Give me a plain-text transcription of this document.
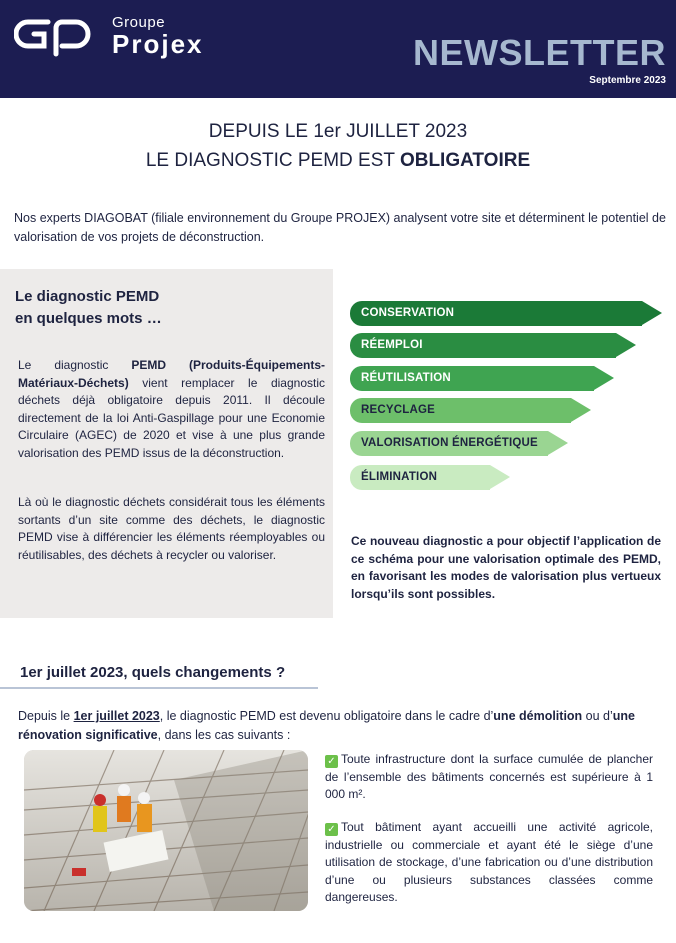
Groupe
Projex	NEWSLETTER
Septembre 2023
DEPUIS LE 1er JUILLET 2023
LE DIAGNOSTIC PEMD EST OBLIGATOIRE
Nos experts DIAGOBAT (filiale environnement du Groupe PROJEX) analysent votre site et déterminent le potentiel de valorisation de vos projets de déconstruction.
Le diagnostic PEMD
en quelques mots …
Le diagnostic PEMD (Produits-Équipements-Matériaux-Déchets) vient remplacer le diagnostic déchets déjà obligatoire depuis 2011. Il découle directement de la loi Anti-Gaspillage pour une Economie Circulaire (AGEC) de 2020 et vise à une plus grande valorisation des PEMD issus de la déconstruction.
Là où le diagnostic déchets considérait tous les éléments sortants d’un site comme des déchets, le diagnostic PEMD vise à différencier les éléments réemployables ou réutilisables, des déchets à recycler ou valoriser.
CONSERVATION
RÉEMPLOI
RÉUTILISATION
RECYCLAGE
VALORISATION ÉNERGÉTIQUE
ÉLIMINATION
Ce nouveau diagnostic a pour objectif l’application de ce schéma pour une valorisation optimale des PEMD, en favorisant les modes de valorisation plus vertueux lorsqu’ils sont possibles.
1er juillet 2023, quels changements ?
Depuis le 1er juillet 2023, le diagnostic PEMD est devenu obligatoire dans le cadre d’une démolition ou d’une rénovation significative, dans les cas suivants :
✓ Toute infrastructure dont la surface cumulée de plancher de l’ensemble des bâtiments concernés est supérieure à 1 000 m².
✓ Tout bâtiment ayant accueilli une activité agricole, industrielle ou commerciale et ayant été le siège d’une utilisation de stockage, d’une fabrication ou d’une distribution d’une ou plusieurs substances classées comme dangereuses.
